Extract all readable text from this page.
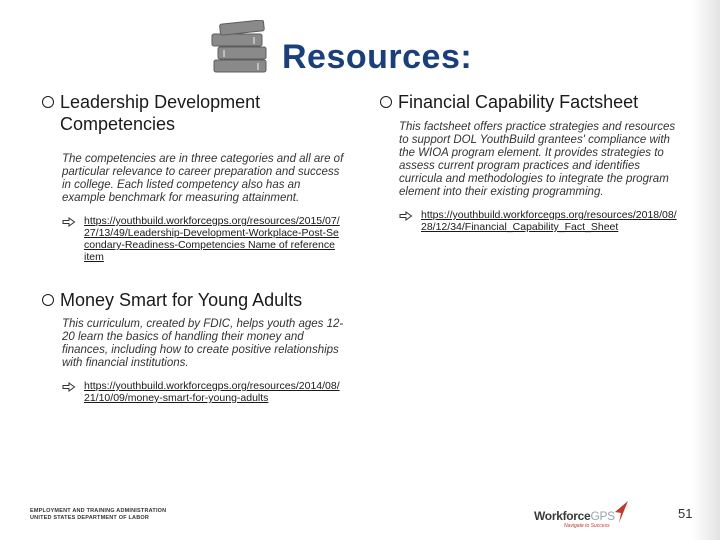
Resources:
Leadership Development Competencies
The competencies are in three categories and all are of particular relevance to career preparation and success in college. Each listed competency also has an example benchmark for measuring attainment.
https://youthbuild.workforcegps.org/resources/2015/07/27/13/49/Leadership-Development-Workplace-Post-Secondary-Readiness-Competencies Name of reference item
Financial Capability Factsheet
This factsheet offers practice strategies and resources to support DOL YouthBuild grantees' compliance with the WIOA program element. It provides strategies to assess current program practices and identifies curricula and methodologies to integrate the program element into their existing programming.
https://youthbuild.workforcegps.org/resources/2018/08/28/12/34/Financial_Capability_Fact_Sheet
Money Smart for Young Adults
This curriculum, created by FDIC, helps youth ages 12-20 learn the basics of handling their money and finances, including how to create positive relationships with financial institutions.
https://youthbuild.workforcegps.org/resources/2014/08/21/10/09/money-smart-for-young-adults
EMPLOYMENT AND TRAINING ADMINISTRATION
UNITED STATES DEPARTMENT OF LABOR	WorkforceGPS
Navigate to Success
51
